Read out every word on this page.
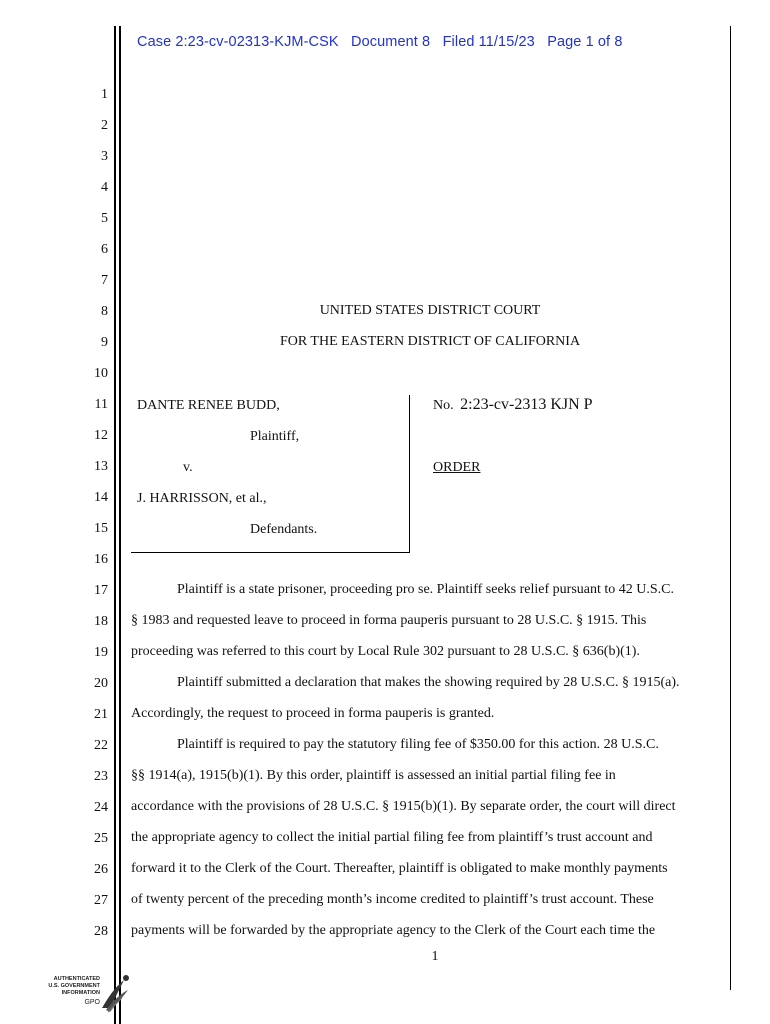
Case 2:23-cv-02313-KJM-CSK   Document 8   Filed 11/15/23   Page 1 of 8
1
2
3
4
5
6
7
8
9
10
11
12
13
14
15
16
17
18
19
20
21
22
23
24
25
26
27
28
UNITED STATES DISTRICT COURT
FOR THE EASTERN DISTRICT OF CALIFORNIA
DANTE RENEE BUDD,
Plaintiff,
v.
J. HARRISSON, et al.,
Defendants.
No. 2:23-cv-2313 KJN P
ORDER
Plaintiff is a state prisoner, proceeding pro se. Plaintiff seeks relief pursuant to 42 U.S.C.
§ 1983 and requested leave to proceed in forma pauperis pursuant to 28 U.S.C. § 1915. This
proceeding was referred to this court by Local Rule 302 pursuant to 28 U.S.C. § 636(b)(1).
Plaintiff submitted a declaration that makes the showing required by 28 U.S.C. § 1915(a).
Accordingly, the request to proceed in forma pauperis is granted.
Plaintiff is required to pay the statutory filing fee of $350.00 for this action. 28 U.S.C.
§§ 1914(a), 1915(b)(1). By this order, plaintiff is assessed an initial partial filing fee in
accordance with the provisions of 28 U.S.C. § 1915(b)(1). By separate order, the court will direct
the appropriate agency to collect the initial partial filing fee from plaintiff’s trust account and
forward it to the Clerk of the Court. Thereafter, plaintiff is obligated to make monthly payments
of twenty percent of the preceding month’s income credited to plaintiff’s trust account. These
payments will be forwarded by the appropriate agency to the Clerk of the Court each time the
1
AUTHENTICATED
U.S. GOVERNMENT
INFORMATION
GPO
